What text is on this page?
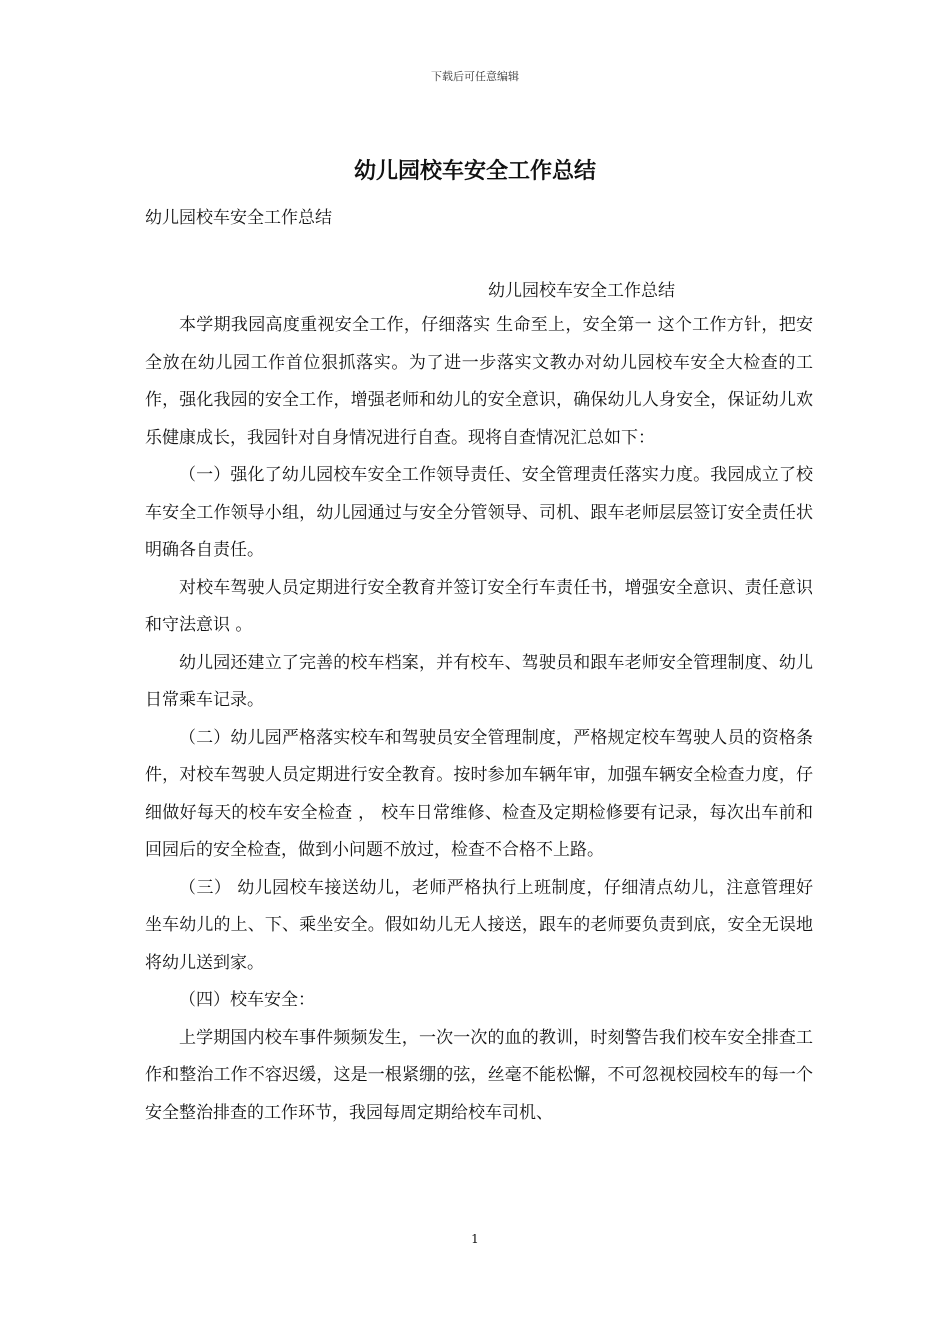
下载后可任意编辑
幼儿园校车安全工作总结
幼儿园校车安全工作总结
幼儿园校车安全工作总结

本学期我园高度重视安全工作，仔细落实 生命至上，安全第一 这个工作方针，把安全放在幼儿园工作首位狠抓落实。为了进一步落实文教办对幼儿园校车安全大检查的工作，强化我园的安全工作，增强老师和幼儿的安全意识，确保幼儿人身安全，保证幼儿欢乐健康成长，我园针对自身情况进行自查。现将自查情况汇总如下：

（一）强化了幼儿园校车安全工作领导责任、安全管理责任落实力度。我园成立了校车安全工作领导小组，幼儿园通过与安全分管领导、司机、跟车老师层层签订安全责任状 明确各自责任。

对校车驾驶人员定期进行安全教育并签订安全行车责任书，增强安全意识、责任意识和守法意识 。

幼儿园还建立了完善的校车档案，并有校车、驾驶员和跟车老师安全管理制度、幼儿日常乘车记录。

（二）幼儿园严格落实校车和驾驶员安全管理制度，严格规定校车驾驶人员的资格条件，对校车驾驶人员定期进行安全教育。按时参加车辆年审，加强车辆安全检查力度，仔细做好每天的校车安全检查 ， 校车日常维修、检查及定期检修要有记录，每次出车前和回园后的安全检查，做到小问题不放过，检查不合格不上路。

（三） 幼儿园校车接送幼儿，老师严格执行上班制度，仔细清点幼儿，注意管理好坐车幼儿的上、下、乘坐安全。假如幼儿无人接送，跟车的老师要负责到底，安全无误地将幼儿送到家。

（四）校车安全：

上学期国内校车事件频频发生，一次一次的血的教训，时刻警告我们校车安全排查工作和整治工作不容迟缓，这是一根紧绷的弦，丝毫不能松懈，不可忽视校园校车的每一个安全整治排查的工作环节，我园每周定期给校车司机、

1
